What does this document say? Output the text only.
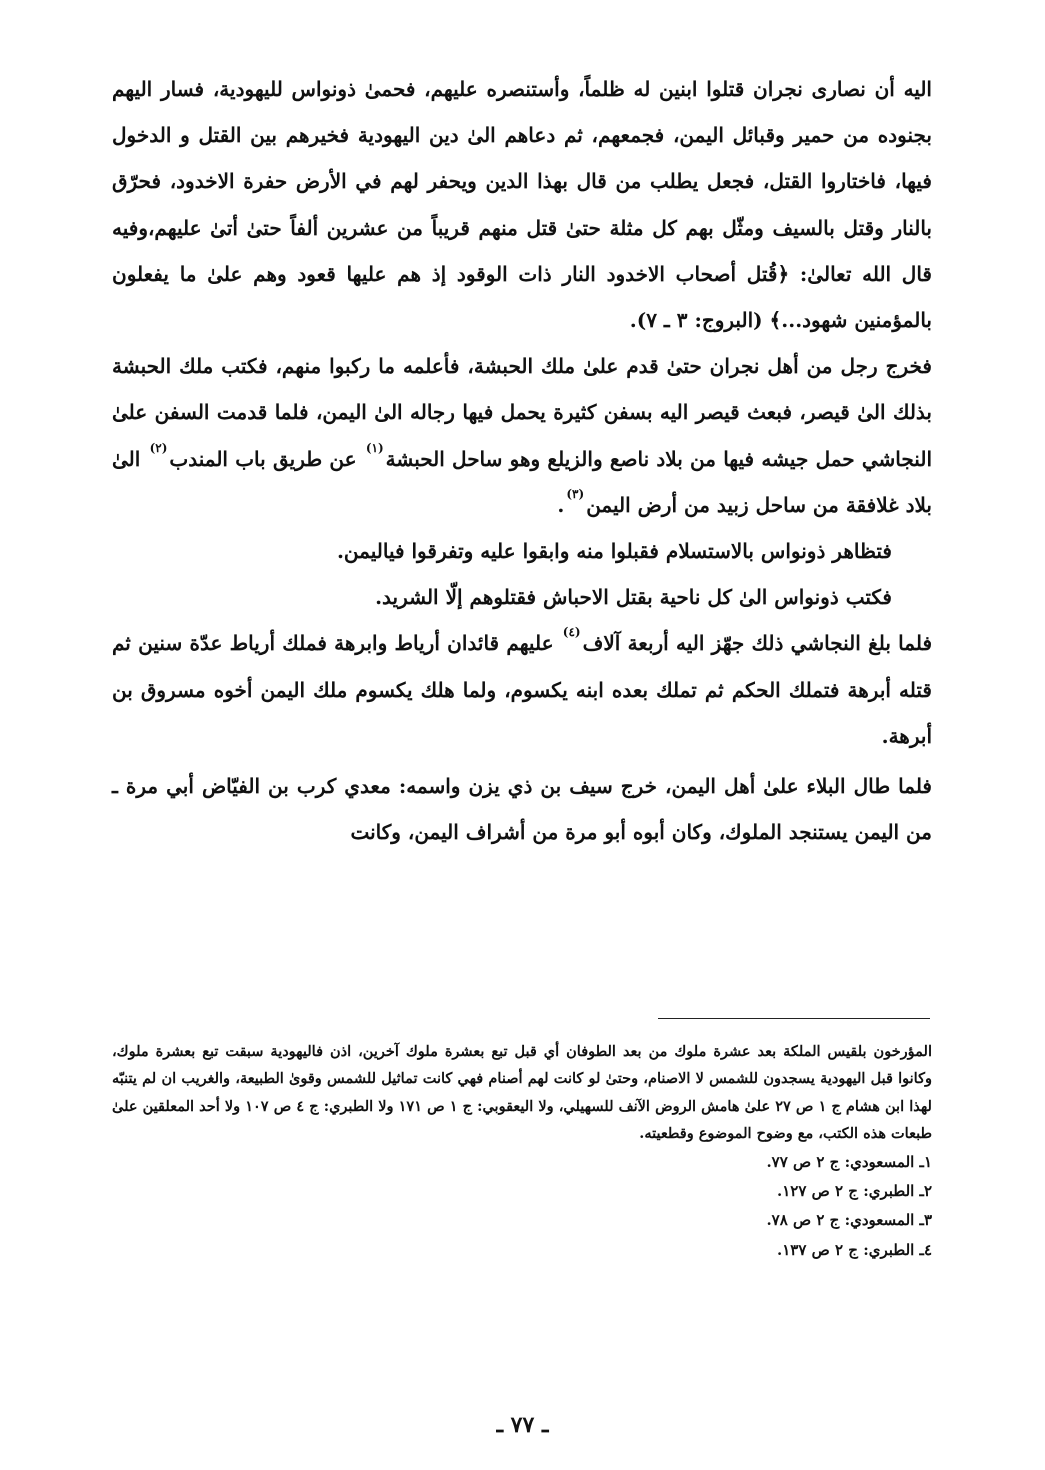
اليه أن نصارى نجران قتلوا ابنين له ظلماً، وأستنصره عليهم، فحمىٰ ذونواس لليهودية، فسار اليهم بجنوده من حمير وقبائل اليمن، فجمعهم، ثم دعاهم الىٰ دين اليهودية فخيرهم بين القتل و الدخول فيها، فاختاروا القتل، فجعل يطلب من قال بهذا الدين ويحفر لهم في الأرض حفرة الاخدود، فحرّق بالنار وقتل بالسيف ومثّل بهم كل مثلة حتىٰ قتل منهم قريباً من عشرين ألفاً حتىٰ أتىٰ عليهم،وفيه قال الله تعالىٰ: ﴿قُتل أصحاب الاخدود النار ذات الوقود إذ هم عليها قعود وهم علىٰ ما يفعلون بالمؤمنين شهود...﴾ (البروج: ٣ ـ ٧).

فخرج رجل من أهل نجران حتىٰ قدم علىٰ ملك الحبشة، فأعلمه ما ركبوا منهم، فكتب ملك الحبشة بذلك الىٰ قيصر، فبعث قيصر اليه بسفن كثيرة يحمل فيها رجاله الىٰ اليمن، فلما قدمت السفن علىٰ النجاشي حمل جيشه فيها من بلاد ناصع والزيلع وهو ساحل الحبشة$^{(١)}$ عن طريق باب المندب$^{(٢)}$ الىٰ بلاد غلافقة من ساحل زبيد من أرض اليمن$^{(٣)}$.

فتظاهر ذونواس بالاستسلام فقبلوا منه وابقوا عليه وتفرقوا فياليمن.

فكتب ذونواس الىٰ كل ناحية بقتل الاحباش فقتلوهم إلّا الشريد.

فلما بلغ النجاشي ذلك جهّز اليه أربعة آلاف$^{(٤)}$ عليهم قائدان أرياط وابرهة فملك أرياط عدّة سنين ثم قتله أبرهة فتملك الحكم ثم تملك بعده ابنه يكسوم، ولما هلك يكسوم ملك اليمن أخوه مسروق بن أبرهة.

فلما طال البلاء علىٰ أهل اليمن، خرج سيف بن ذي يزن واسمه: معدي كرب بن الفيّاض أبي مرة ـ من اليمن يستنجد الملوك، وكان أبوه أبو مرة من أشراف اليمن، وكانت

المؤرخون بلقيس الملكة بعد عشرة ملوك من بعد الطوفان أي قبل تبع بعشرة ملوك آخرين، اذن فاليهودية سبقت تبع بعشرة ملوك، وكانوا قبل اليهودية يسجدون للشمس لا الاصنام، وحتىٰ لو كانت لهم أصنام فهي كانت تماثيل للشمس وقوىٰ الطبيعة، والغريب ان لم يتنبّه لهذا ابن هشام ج ١ ص ٢٧ علىٰ هامش الروض الآنف للسهيلي، ولا اليعقوبي: ج ١ ص ١٧١ ولا الطبري: ج ٤ ص ١٠٧ ولا أحد المعلقين علىٰ طبعات هذه الكتب، مع وضوح الموضوع وقطعيته.

١ـ المسعودي: ج ٢ ص ٧٧.
٢ـ الطبري: ج ٢ ص ١٢٧.
٣ـ المسعودي: ج ٢ ص ٧٨.
٤ـ الطبري: ج ٢ ص ١٣٧.
ـ ٧٧ ـ
